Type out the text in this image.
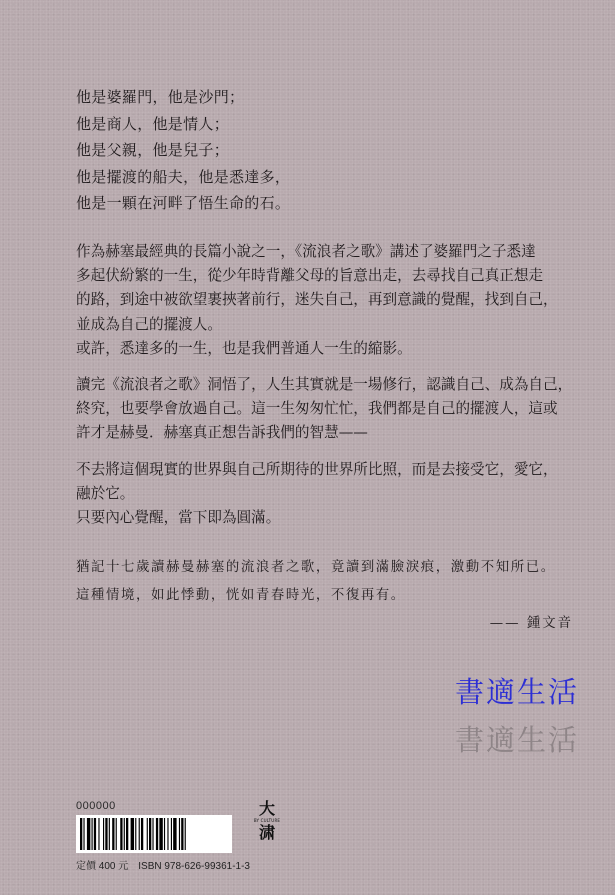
他是婆羅門，他是沙門；
他是商人，他是情人；
他是父親，他是兒子；
他是擺渡的船夫，他是悉達多，
他是一顆在河畔了悟生命的石。

作為赫塞最經典的長篇小說之一，《流浪者之歌》講述了婆羅門之子悉達
多起伏紛繁的一生，從少年時背離父母的旨意出走，去尋找自己真正想走
的路，到途中被欲望裹挾著前行，迷失自己，再到意識的覺醒，找到自己，
並成為自己的擺渡人。
或許，悉達多的一生，也是我們普通人一生的縮影。

讀完《流浪者之歌》洞悟了，人生其實就是一場修行，認識自己、成為自己，
終究，也要學會放過自己。這一生匆匆忙忙，我們都是自己的擺渡人，這或
許才是赫曼．赫塞真正想告訴我們的智慧——

不去將這個現實的世界與自己所期待的世界所比照，而是去接受它，愛它，
融於它。
只要內心覺醒，當下即為圓滿。

猶記十七歲讀赫曼赫塞的流浪者之歌，竟讀到滿臉淚痕，激動不知所已。
這種情境，如此悸動，恍如青春時光，不復再有。
—— 鍾文音
書適生活
書適生活
000000
定價 400 元　ISBN 978-626-99361-1-3
大
BY CULTURE
㴋
